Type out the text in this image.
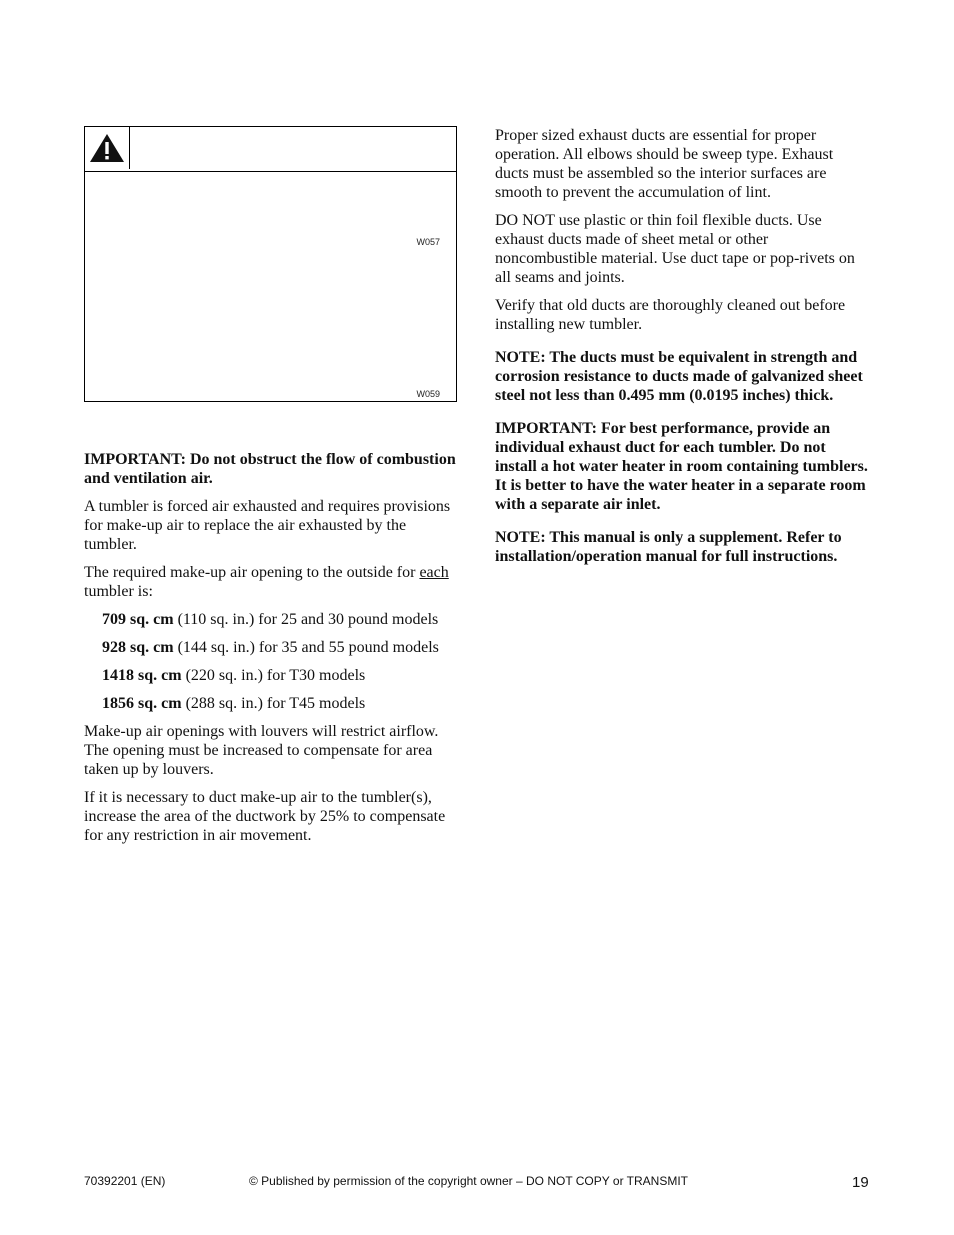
W057
W059

IMPORTANT: Do not obstruct the flow of combustion and ventilation air.

A tumbler is forced air exhausted and requires provisions for make-up air to replace the air exhausted by the tumbler.

The required make-up air opening to the outside for each tumbler is:

709 sq. cm (110 sq. in.) for 25 and 30 pound models

928 sq. cm (144 sq. in.) for 35 and 55 pound models

1418 sq. cm (220 sq. in.) for T30 models

1856 sq. cm (288 sq. in.) for T45 models

Make-up air openings with louvers will restrict airflow. The opening must be increased to compensate for area taken up by louvers.

If it is necessary to duct make-up air to the tumbler(s), increase the area of the ductwork by 25% to compensate for any restriction in air movement.

Proper sized exhaust ducts are essential for proper operation. All elbows should be sweep type. Exhaust ducts must be assembled so the interior surfaces are smooth to prevent the accumulation of lint.

DO NOT use plastic or thin foil flexible ducts. Use exhaust ducts made of sheet metal or other noncombustible material. Use duct tape or pop-rivets on all seams and joints.

Verify that old ducts are thoroughly cleaned out before installing new tumbler.

NOTE: The ducts must be equivalent in strength and corrosion resistance to ducts made of galvanized sheet steel not less than 0.495 mm (0.0195 inches) thick.

IMPORTANT: For best performance, provide an individual exhaust duct for each tumbler. Do not install a hot water heater in room containing tumblers. It is better to have the water heater in a separate room with a separate air inlet.

NOTE: This manual is only a supplement. Refer to installation/operation manual for full instructions.

70392201 (EN)	© Published by permission of the copyright owner – DO NOT COPY or TRANSMIT	19
